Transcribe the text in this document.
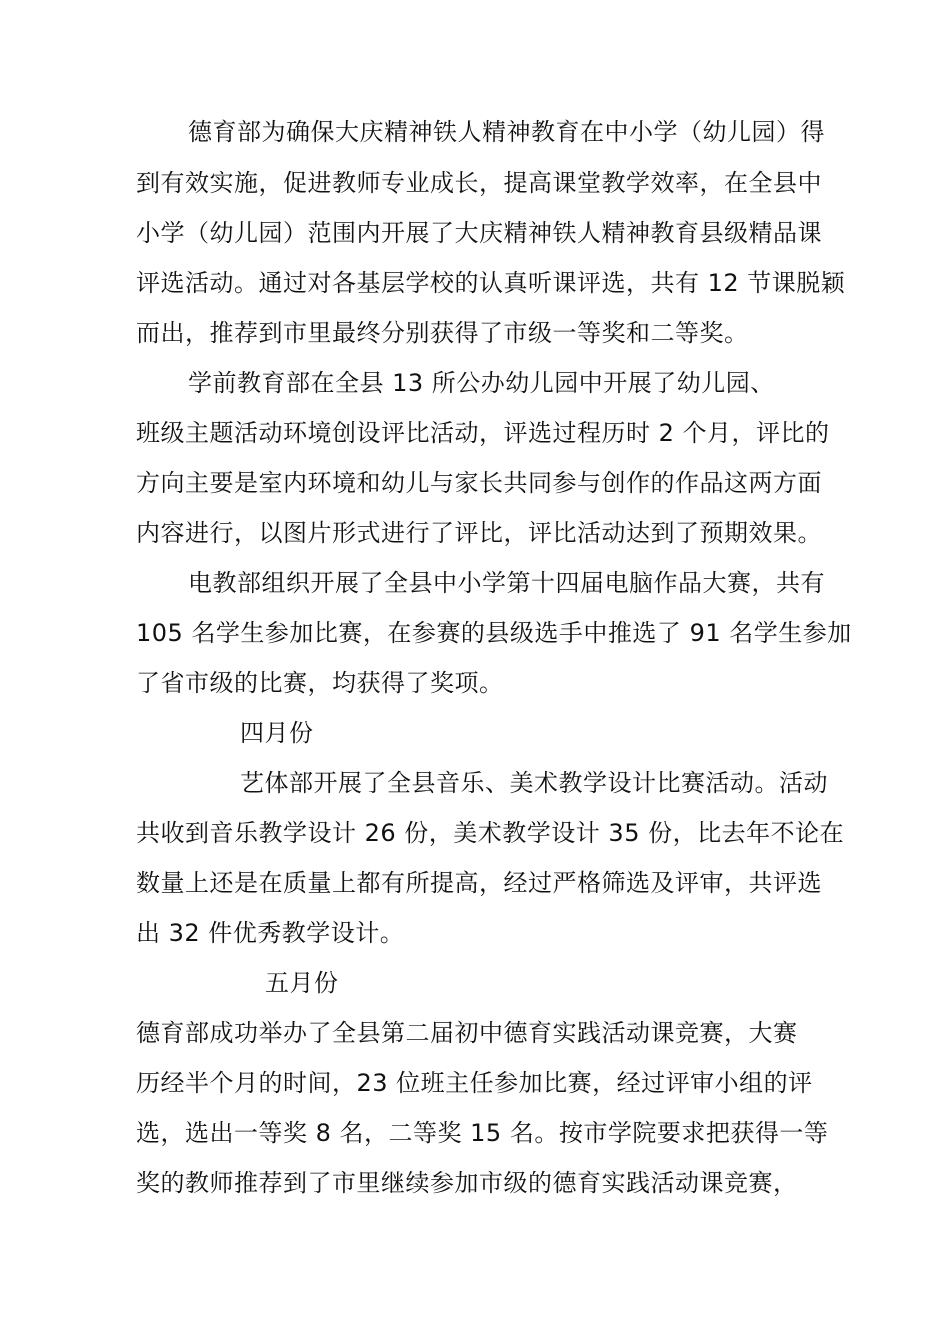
德育部为确保大庆精神铁人精神教育在中小学（幼儿园）得
到有效实施，促进教师专业成长，提高课堂教学效率，在全县中
小学（幼儿园）范围内开展了大庆精神铁人精神教育县级精品课
评选活动。通过对各基层学校的认真听课评选，共有 12 节课脱颖
而出，推荐到市里最终分别获得了市级一等奖和二等奖。
学前教育部在全县 13 所公办幼儿园中开展了幼儿园、
班级主题活动环境创设评比活动，评选过程历时 2 个月，评比的
方向主要是室内环境和幼儿与家长共同参与创作的作品这两方面
内容进行，以图片形式进行了评比，评比活动达到了预期效果。
电教部组织开展了全县中小学第十四届电脑作品大赛，共有
105 名学生参加比赛，在参赛的县级选手中推选了 91 名学生参加
了省市级的比赛，均获得了奖项。
四月份
艺体部开展了全县音乐、美术教学设计比赛活动。活动
共收到音乐教学设计 26 份，美术教学设计 35 份，比去年不论在
数量上还是在质量上都有所提高，经过严格筛选及评审，共评选
出 32 件优秀教学设计。
五月份
德育部成功举办了全县第二届初中德育实践活动课竞赛，大赛
历经半个月的时间，23 位班主任参加比赛，经过评审小组的评
选，选出一等奖 8 名，二等奖 15 名。按市学院要求把获得一等
奖的教师推荐到了市里继续参加市级的德育实践活动课竞赛，
